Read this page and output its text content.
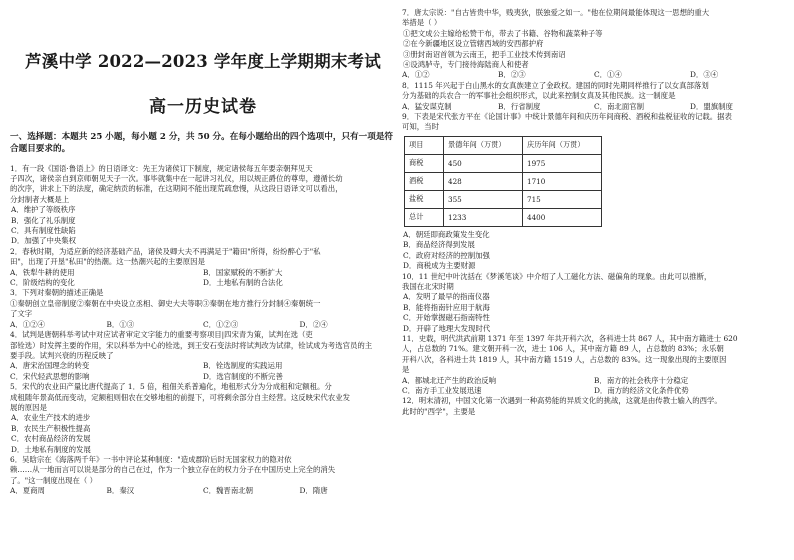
芦溪中学 2022—2023 学年度上学期期末考试
高一历史试卷

一、选择题：本题共 25 小题，每小题 2 分，共 50 分。在每小题给出的四个选项中，只有一项是符合题目要求的。

1．有一段《国语·鲁语上》的日语译文：先王为诸侯订下制度，规定诸侯每五年要亲朝拜见天

子四次，诸侯亲自到京师朝见天子一次。事毕就集中在一起讲习礼仪，用以规正爵位的尊卑，遵循长幼

的次序，讲求上下的法度，确定纳贡的标准，在这期间不能出现荒疏怠慢，从这段日语译文可以看出，

分封制者大概是上

A．维护了等级秩序

B．强化了礼乐制度

C．具有制度性缺陷

D．加强了中央集权

2．春秋时期，为适应新的经济基础产品，诸侯及卿大夫不再满足于"籍田"所得，纷纷醉心于"私

田"，出现了开垦"私田"的热潮。这一热潮兴起的主要原因是

A．铁犁牛耕的使用	B．国家赋税的不断扩大
C．阶级结构的变化	D．土地私有制的合法化

3．下列对秦朝的描述正确是

①秦朝创立皇帝制度②秦朝在中央设立丞相、御史大夫等职③秦朝在地方推行分封制④秦朝统一

了文字

A．①②④	B．①③	C．①②③	D．②④

4．试判是唐朝科举考试中对应试者审定文字能力的重要考察项目|四宋青为策，试判在选（吏

部铨选）时发挥主要的作用，宋以科举为中心的铨选，到王安石变法时将试判改为试律，铨试成为考选官员的主

要手段。试判兴衰的历程反映了

A．唐宋治国理念的转变	B．铨选制度的实践运用
C．宋代轻武思想的影响	D．选官制度的不断完善

5．宋代的农业田产量比唐代提高了 1．5 倍，租佃关系普遍化，地租形式分为分成租和定额租。分

成租随年景高低而变动，定额租则佃农在交够地租的前提下，可将剩余部分自主经营。这反映宋代农业发

展的原因是

A．农业生产技术的进步

B．农民生产积极性提高

C．农村商品经济的发展

D．土地私有制度的发展

6．吴晗宗在《海落两千年》一书中评论某种制度："造成郡阶后时无国家权力的隐对依

赖……从一地而言可以说是部分的自己在过，作为一个独立存在的权力分子在中国历史上完全的消失

了。"这一制度出现在（ ）

A．夏商周	B．秦汉	C．魏晋南北朝	D．隋唐

7．唐太宗说："自古皆贵中华，贱夷狄，朕独爱之如一。"他在位期间最能体现这一思想的重大

举措是（ ）

①把文成公主嫁给松赞干布，带去了书籍、谷物和蔬菜种子等

②在今新疆地区设立管辖西域的安西都护府

③册封南诏首领为云南王，把手工业技术传到南诏

④设鸿胪寺，专门接待海陆商人和使者

A．①②	B．②③	C．①④	D．③④

8．1115 年兴起于白山黑水的女真族建立了金政权。建国的同时先期同样推行了以女真部落划

分为基础的兵农合一的军事社会组织形式，以此来控制女真及其他民族。这一制度是

A．猛安谋克制	B．行省制度	C．南北面官制	D．盟旗制度

9．下表是宋代张方平在《论国计事》中统计景德年间和庆历年间商税、酒税和盐税征收的记载。据表

可知，当时

项目	景德年间（万贯）	庆历年间（万贯）
商税	450	1975
酒税	428	1710
盐税	355	715
总计	1233	4400

A．朝廷即商政策发生变化

B．商品经济得到发展

C．政府对经济的控制加强

D．商税成为主要财源

10．11 世纪中叶沈括在《梦溪笔谈》中介绍了人工磁化方法、磁偏角的现象。由此可以推断，

我国在北宋时期

A．发明了最早的指南仪器

B．能将指南针应用于航海

C．开始掌握磁石指南特性

D．开辟了地理大发现时代

11．史载，明代洪武前期 1371 年至 1397 年共开科六次，各科进士共 867 人，其中南方籍进士 620

人，占总数的 71%。建文朝开科一次，进士 106 人，其中南方籍 89 人，占总数的 83%；永乐朝

开科八次，各科进士共 1819 人，其中南方籍 1519 人，占总数的 83%。这一现象出现的主要原因

是

A．都城北迁产生的政治反响	B．南方的社会秩序十分稳定
C．南方手工业发展迅速	D．南方的经济文化条件优势

12．明末清初，中国文化第一次遇到一种高势能的异质文化的挑战，这就是由传教士输入的西学。

此时的"西学"，主要是
